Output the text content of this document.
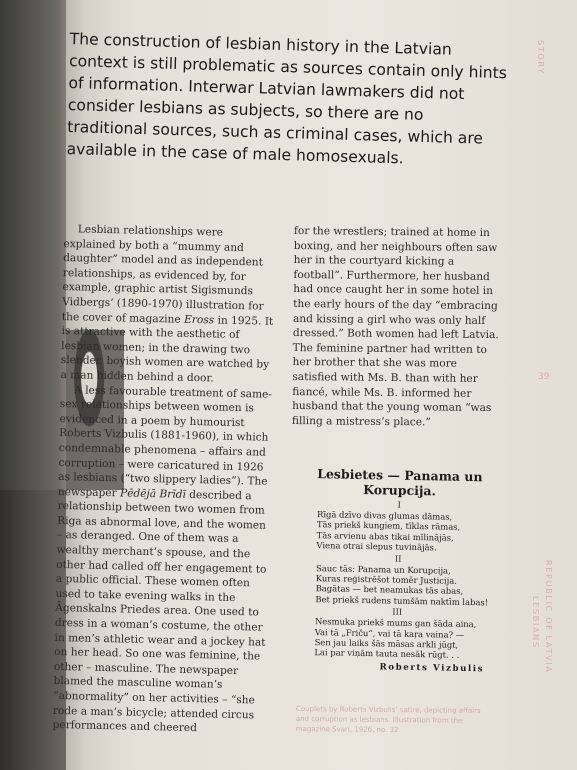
The construction of lesbian history in the Latvian context is still problematic as sources contain only hints of information. Interwar Latvian lawmakers did not consider lesbians as subjects, so there are no traditional sources, such as criminal cases, which are available in the case of male homosexuals.

Lesbian relationships were explained by both a “mummy and daughter” model and as independent relationships, as evidenced by, for example, graphic artist Sigismunds Vidbergs’ (1890-1970) illustration for the cover of magazine Eross in 1925. It is attractive with the aesthetic of lesbian women; in the drawing two slender, boyish women are watched by a man hidden behind a door.

A less favourable treatment of same-sex relationships between women is evidenced in a poem by humourist Roberts Vizbulis (1881-1960), in which condemnable phenomena – affairs and corruption – were caricatured in 1926 as lesbians (“two slippery ladies”). The newspaper Pēdējā Brīdī described a relationship between two women from Riga as abnormal love, and the women – as deranged. One of them was a wealthy merchant’s spouse, and the other had called off her engagement to a public official. These women often used to take evening walks in the Āgenskalns Priedes area. One used to dress in a woman’s costume, the other in men’s athletic wear and a jockey hat on her head. So one was feminine, the other – masculine. The newspaper blamed the masculine woman’s “abnormality” on her activities – “she rode a man’s bicycle; attended circus performances and cheered

for the wrestlers; trained at home in boxing, and her neighbours often saw her in the courtyard kicking a football”. Furthermore, her husband had once caught her in some hotel in the early hours of the day “embracing and kissing a girl who was only half dressed.” Both women had left Latvia. The feminine partner had written to her brother that she was more satisfied with Ms. B. than with her fiancé, while Ms. B. informed her husband that the young woman “was filling a mistress’s place.”

Lesbietes — Panama un
Korupcija.
I
Rīgā dzīvo divas glumas dāmas,
Tās priekš kungiem, tīklas rāmas,
Tās arvienu abas tikai mīlinājās,
Viena otrai slepus tuvinājās.
II
Sauc tās: Panama un Korupcija,
Kuras reģistrēšot tomēr Justicija.
Bagātas — bet neamukas tās abas,
Bet priekš rudens tumšām naktīm labas!
III
Nesmuka priekš mums gan šāda aina,
Vai tā „Friču“, vai tā kaŗa vaina? —
Sen jau laiks šās māsas arkli jūgt,
Lai par viņām tauta nesāk rūgt. . .
Roberts Vizbulis
Couplets by Roberts Vizbulis’ satire, depicting affairs and corruption as lesbians. Illustration from the magazine Svari, 1926, no. 32
STORY
39
REPUBLIC OF LATVIA
LESBIANS
